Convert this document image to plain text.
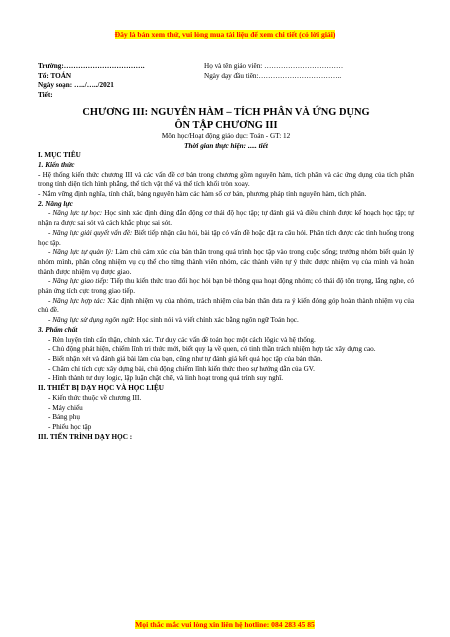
Đây là bản xem thử, vui lòng mua tài liệu để xem chi tiết (có lời giải)
Trường:…………………………….	Họ và tên giáo viên: ……………………………
Tổ: TOÁN	Ngày dạy đầu tiên:……………………………..
Ngày soạn: …../…../2021
Tiết:

CHƯƠNG III: NGUYÊN HÀM – TÍCH PHÂN VÀ ỨNG DỤNG

ÔN TẬP CHƯƠNG III

Môn học/Hoạt động giáo dục: Toán - GT: 12

Thời gian thực hiện: ..... tiết

I. MỤC TIÊU

1. Kiến thức

- Hệ thống kiến thức chương III và các vấn đề cơ bản trong chương gồm nguyên hàm, tích phân và các ứng dụng của tích phân trong tính diện tích hình phẳng, thể tích vật thể và thể tích khối tròn xoay.

- Nắm vững định nghĩa, tính chất, bảng nguyên hàm các hàm số cơ bản, phương pháp tính nguyên hàm, tích phân.

2. Năng lực

- Năng lực tự học: Học sinh xác định đúng đắn động cơ thái độ học tập; tự đánh giá và điều chỉnh được kế hoạch học tập; tự nhận ra được sai sót và cách khắc phục sai sót.

- Năng lực giải quyết vấn đề: Biết tiếp nhận câu hỏi, bài tập có vấn đề hoặc đặt ra câu hỏi. Phân tích được các tình huống trong học tập.

- Năng lực tự quản lý: Làm chủ cảm xúc của bản thân trong quá trình học tập vào trong cuộc sống; trưởng nhóm biết quản lý nhóm mình, phân công nhiệm vụ cụ thể cho từng thành viên nhóm, các thành viên tự ý thức được nhiệm vụ của mình và hoàn thành được nhiệm vụ được giao.

- Năng lực giao tiếp: Tiếp thu kiến thức trao đổi học hỏi bạn bè thông qua hoạt động nhóm; có thái độ tôn trọng, lắng nghe, có phản ứng tích cực trong giao tiếp.

- Năng lực hợp tác: Xác định nhiệm vụ của nhóm, trách nhiệm của bản thân đưa ra ý kiến đóng góp hoàn thành nhiệm vụ của chủ đề.

- Năng lực sử dụng ngôn ngữ: Học sinh nói và viết chính xác bằng ngôn ngữ Toán học.

3. Phẩm chất

- Rèn luyện tính cẩn thận, chính xác. Tư duy các vấn đề toán học một cách lôgic và hệ thống.

- Chủ động phát hiện, chiếm lĩnh tri thức mới, biết quy lạ về quen, có tinh thần trách nhiệm hợp tác xây dựng cao.

- Biết nhận xét và đánh giá bài làm của bạn, cũng như tự đánh giá kết quả học tập của bản thân.

- Chăm chỉ tích cực xây dựng bài, chủ động chiếm lĩnh kiến thức theo sự hướng dẫn của GV.

- Hình thành tư duy logic, lập luận chặt chẽ, và linh hoạt trong quá trình suy nghĩ.

II. THIẾT BỊ DẠY HỌC VÀ HỌC LIỆU

- Kiến thức thuộc về chương III.

- Máy chiếu

- Bảng phụ

- Phiếu học tập

III. TIẾN TRÌNH DẠY HỌC :

Mọi thắc mắc vui lòng xin liên hệ hotline: 084 283 45 85
